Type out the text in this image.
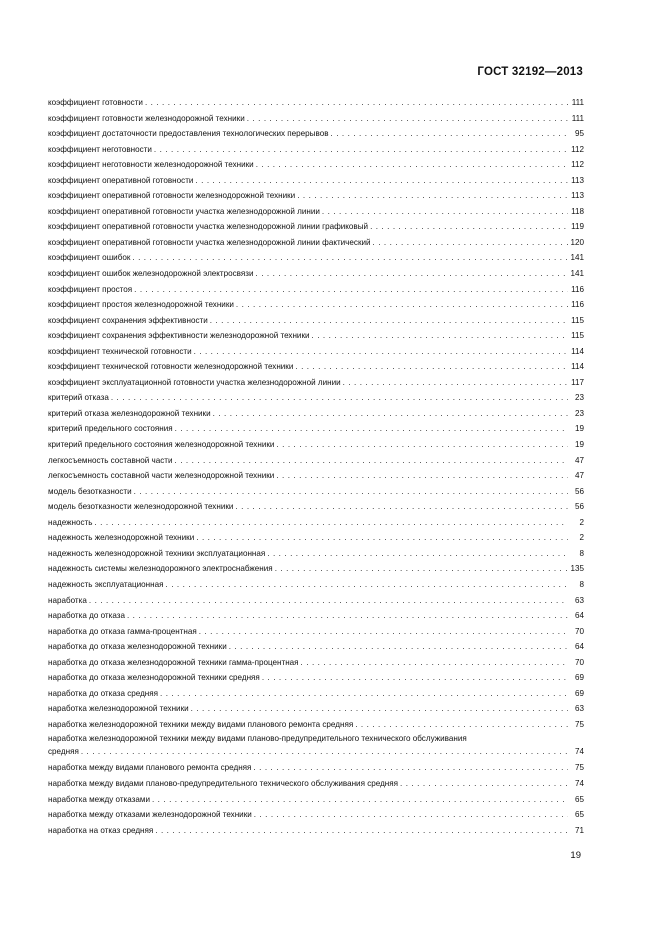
ГОСТ 32192—2013
коэффициент готовности . . .	111
коэффициент готовности железнодорожной техники . . .	111
коэффициент достаточности предоставления технологических перерывов . . .	95
коэффициент неготовности . . .	112
коэффициент неготовности железнодорожной техники . . .	112
коэффициент оперативной готовности . . .	113
коэффициент оперативной готовности железнодорожной техники . . .	113
коэффициент оперативной готовности участка железнодорожной линии . . .	118
коэффициент оперативной готовности участка железнодорожной линии графиковый . . .	119
коэффициент оперативной готовности участка железнодорожной линии фактический . . .	120
коэффициент ошибок . . .	141
коэффициент ошибок железнодорожной электросвязи . . .	141
коэффициент простоя . . .	116
коэффициент простоя железнодорожной техники . . .	116
коэффициент сохранения эффективности . . .	115
коэффициент сохранения эффективности железнодорожной техники . . .	115
коэффициент технической готовности . . .	114
коэффициент технической готовности железнодорожной техники . . .	114
коэффициент эксплуатационной готовности участка железнодорожной линии . . .	117
критерий отказа . . .	23
критерий отказа железнодорожной техники . . .	23
критерий предельного состояния . . .	19
критерий предельного состояния железнодорожной техники . . .	19
легкосъемность составной части . . .	47
легкосъемность составной части железнодорожной техники . . .	47
модель безотказности . . .	56
модель безотказности железнодорожной техники . . .	56
надежность . . .	2
надежность железнодорожной техники . . .	2
надежность железнодорожной техники эксплуатационная . . .	8
надежность системы железнодорожного электроснабжения . . .	135
надежность эксплуатационная . . .	8
наработка . . .	63
наработка до отказа . . .	64
наработка до отказа гамма-процентная . . .	70
наработка до отказа железнодорожной техники . . .	64
наработка до отказа железнодорожной техники гамма-процентная . . .	70
наработка до отказа железнодорожной техники средняя . . .	69
наработка до отказа средняя . . .	69
наработка железнодорожной техники . . .	63
наработка железнодорожной техники между видами планового ремонта средняя . . .	75
наработка железнодорожной техники между видами планово-предупредительного технического обслуживания
средняя . . .	74
наработка между видами планового ремонта средняя . . .	75
наработка между видами планово-предупредительного технического обслуживания средняя . . .	74
наработка между отказами . . .	65
наработка между отказами железнодорожной техники . . .	65
наработка на отказ средняя . . .	71
19
